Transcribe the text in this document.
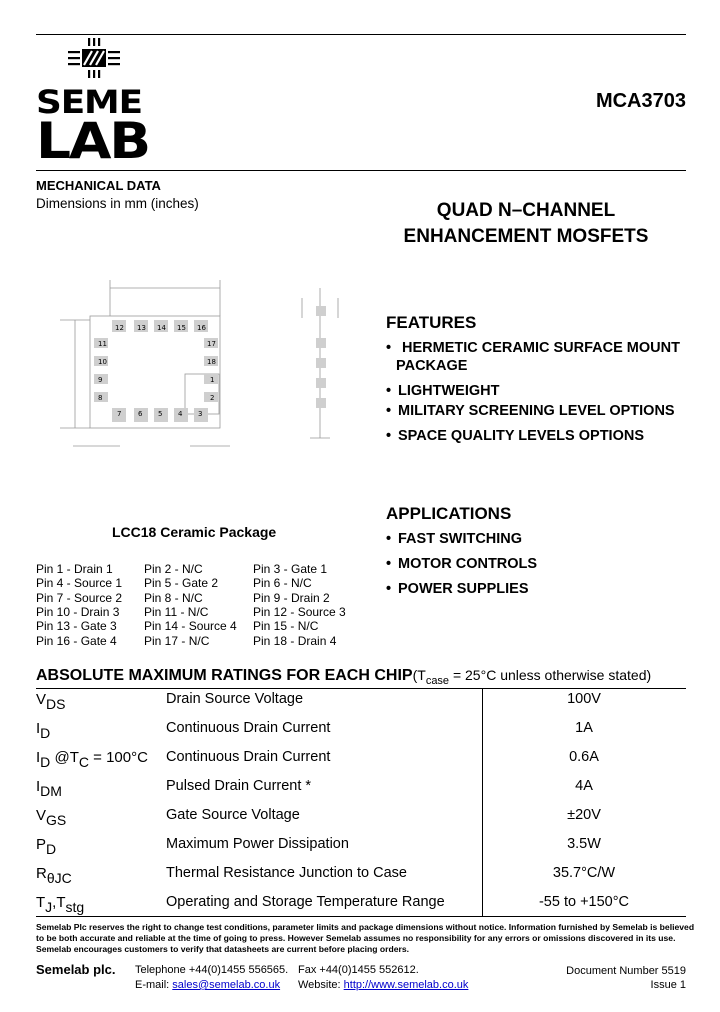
SEME
LAB
MCA3703
MECHANICAL DATA
Dimensions in mm (inches)
12 13 14 15 16
11
10
9
8
17
18
1
2
7 6 5 4 3
LCC18 Ceramic Package
Pin 1 - Drain 1	Pin 2 - N/C	Pin 3 - Gate 1
Pin 4 - Source 1 Pin 5 - Gate 2	Pin 6 - N/C
Pin 7 - Source 2 Pin 8 - N/C	Pin 9 - Drain 2
Pin 10 - Drain 3 Pin 11 - N/C	Pin 12 - Source 3
Pin 13 - Gate 3 Pin 14 - Source 4 Pin 15 - N/C
Pin 16 - Gate 4 Pin 17 - N/C	Pin 18 - Drain 4
QUAD N–CHANNEL
ENHANCEMENT MOSFETS
FEATURES
• HERMETIC CERAMIC SURFACE MOUNT
PACKAGE
• LIGHTWEIGHT
• MILITARY SCREENING LEVEL OPTIONS
• SPACE QUALITY LEVELS OPTIONS
APPLICATIONS
• FAST SWITCHING
• MOTOR CONTROLS
• POWER SUPPLIES
ABSOLUTE MAXIMUM RATINGS FOR EACH $CHIP(T_{case} = 25^\circ C$ unless otherwise stated)
$V_{DS}$	Drain Source Voltage	100V
$I_D$	Continuous Drain Current	1A
$I_D$ $@T_C = 100^\circ C$ Continuous Drain Current	0.6A
$I_{DM}$	Pulsed Drain Current *	4A
$V_{GS}$	Gate Source Voltage	±20V
$P_D$	Maximum Power Dissipation	3.5W
$R_{\theta JC}$	Thermal Resistance Junction to Case	35.7°C/W
$T_J,T_{stg}$	Operating and Storage Temperature Range	-55 to +150°C
Semelab Plc reserves the right to change test conditions, parameter limits and package dimensions without notice. Information furnished by Semelab is believed
to be both accurate and reliable at the time of going to press. However Semelab assumes no responsibility for any errors or omissions discovered in its use.
Semelab encourages customers to verify that datasheets are current before placing orders.
Semelab plc. Telephone +44(0)1455 556565. Fax +44(0)1455 552612.
E-mail: sales@semelab.co.uk Website: http://www.semelab.co.uk
Document Number 5519
Issue 1
